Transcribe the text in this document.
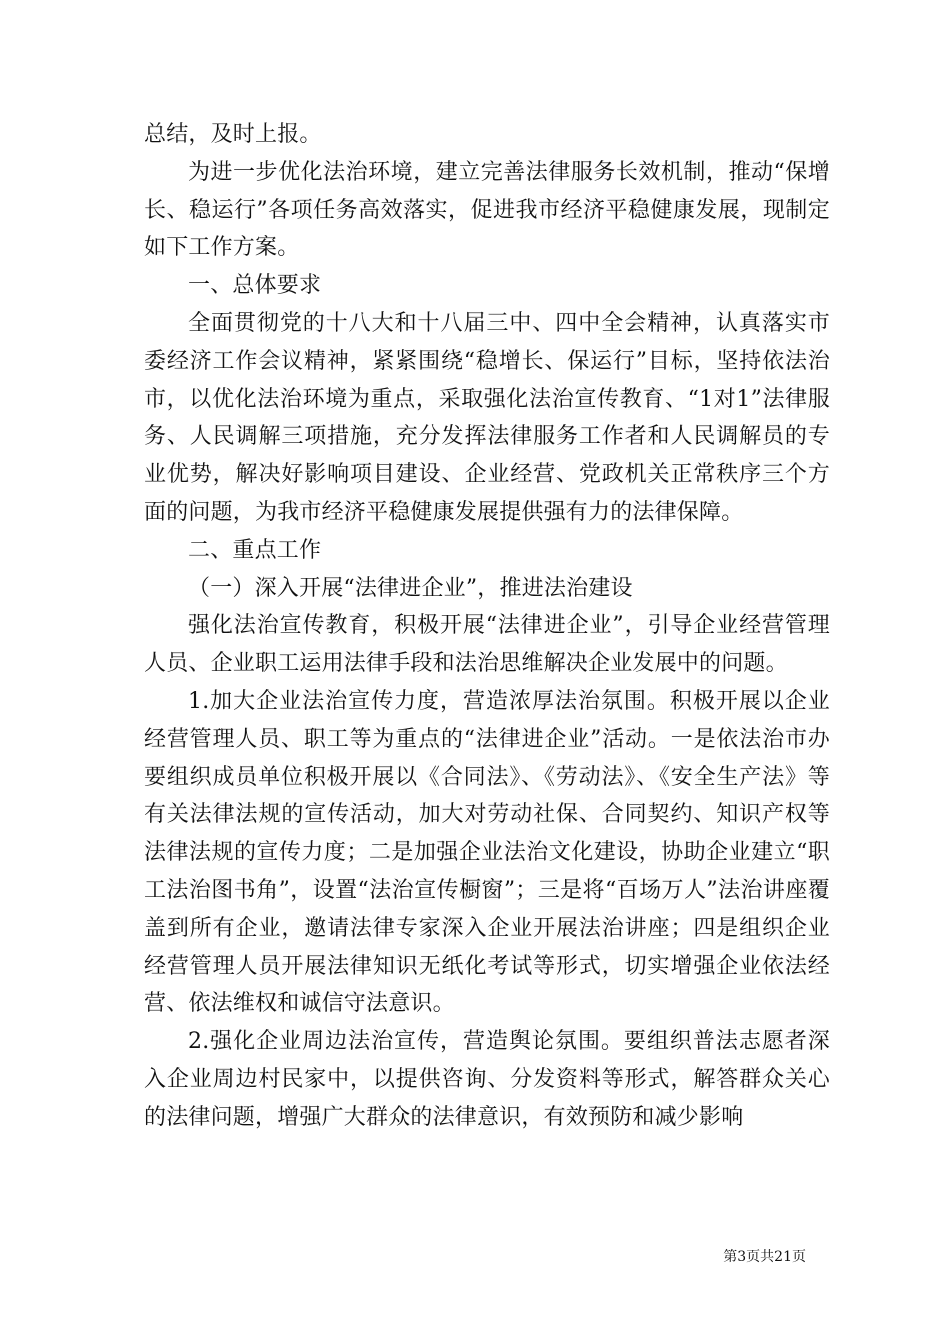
总结，及时上报。

为进一步优化法治环境，建立完善法律服务长效机制，推动“保增长、稳运行”各项任务高效落实，促进我市经济平稳健康发展，现制定如下工作方案。

一、总体要求

全面贯彻党的十八大和十八届三中、四中全会精神，认真落实市委经济工作会议精神，紧紧围绕“稳增长、保运行”目标，坚持依法治市，以优化法治环境为重点，采取强化法治宣传教育、“1对1”法律服务、人民调解三项措施，充分发挥法律服务工作者和人民调解员的专业优势，解决好影响项目建设、企业经营、党政机关正常秩序三个方面的问题，为我市经济平稳健康发展提供强有力的法律保障。

二、重点工作

（一）深入开展“法律进企业”，推进法治建设

强化法治宣传教育，积极开展“法律进企业”，引导企业经营管理人员、企业职工运用法律手段和法治思维解决企业发展中的问题。

1.加大企业法治宣传力度，营造浓厚法治氛围。积极开展以企业经营管理人员、职工等为重点的“法律进企业”活动。一是依法治市办要组织成员单位积极开展以《合同法》、《劳动法》、《安全生产法》等有关法律法规的宣传活动，加大对劳动社保、合同契约、知识产权等法律法规的宣传力度；二是加强企业法治文化建设，协助企业建立“职工法治图书角”，设置“法治宣传橱窗”；三是将“百场万人”法治讲座覆盖到所有企业，邀请法律专家深入企业开展法治讲座；四是组织企业经营管理人员开展法律知识无纸化考试等形式，切实增强企业依法经营、依法维权和诚信守法意识。

2.强化企业周边法治宣传，营造舆论氛围。要组织普法志愿者深入企业周边村民家中，以提供咨询、分发资料等形式，解答群众关心的法律问题，增强广大群众的法律意识，有效预防和减少影响

第3页共21页
